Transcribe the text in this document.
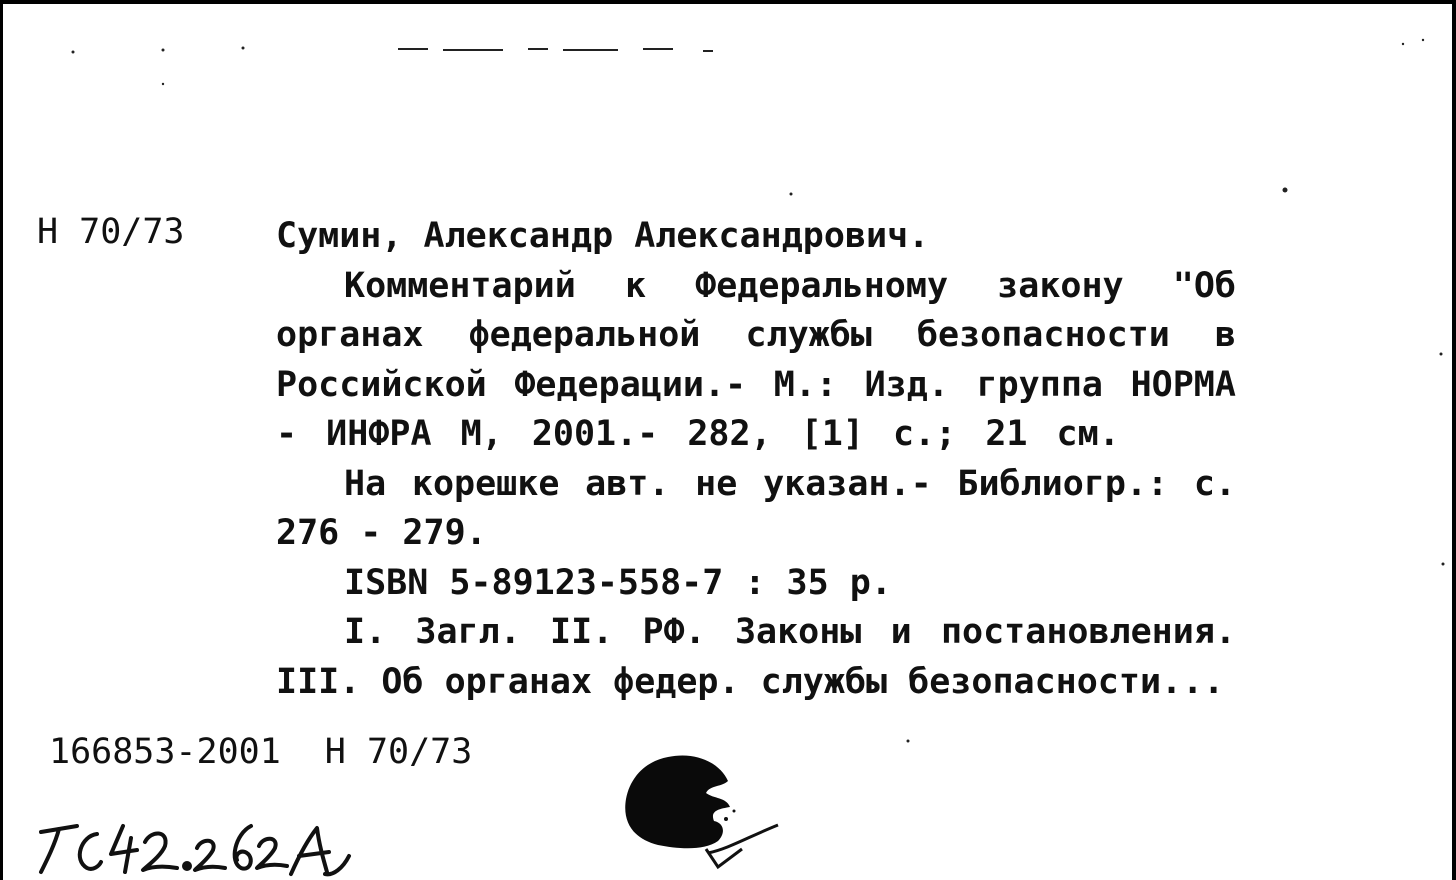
Н 70/73	Сумин, Александр Александрович.
Комментарий к Федеральному закону "Об
органах федеральной службы безопасности в
Российской Федерации.- М.: Изд. группа НОРМА
- ИНФРА М, 2001.- 282, [1] с.; 21 см.
На корешке авт. не указан.- Библиогр.: с.
276 - 279.
ISBN 5-89123-558-7 : 35 р.
I. Загл. II. РФ. Законы и постановления.
III. Об органах федер. службы безопасности...
166853-2001 Н 70/73
